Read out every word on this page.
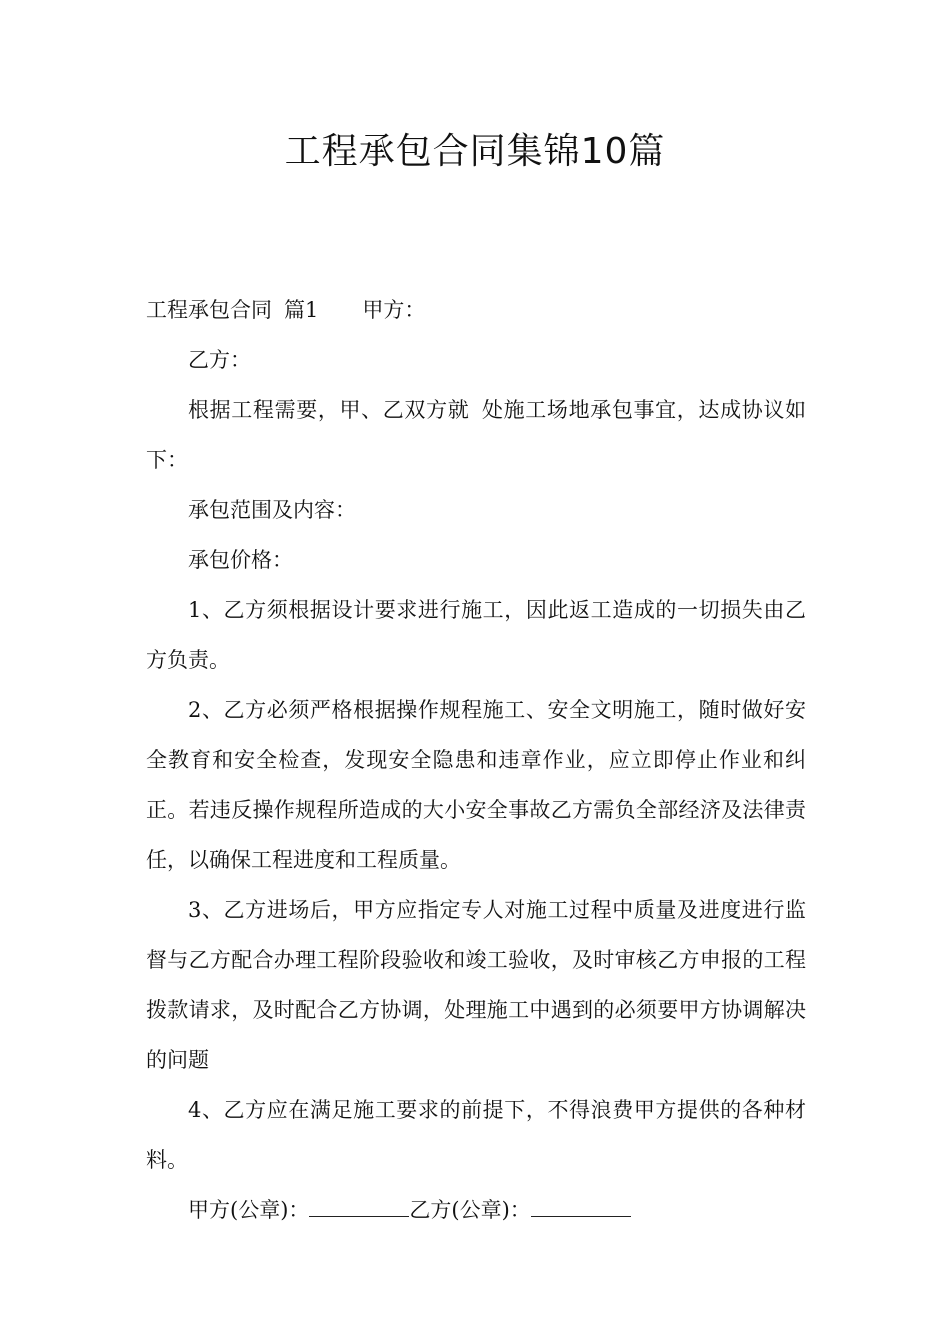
工程承包合同集锦10篇

工程承包合同 篇1 甲方：

乙方：

根据工程需要，甲、乙双方就 处施工场地承包事宜，达成协议如下：

承包范围及内容：

承包价格：

1、乙方须根据设计要求进行施工，因此返工造成的一切损失由乙方负责。

2、乙方必须严格根据操作规程施工、安全文明施工，随时做好安全教育和安全检查，发现安全隐患和违章作业，应立即停止作业和纠正。若违反操作规程所造成的大小安全事故乙方需负全部经济及法律责任，以确保工程进度和工程质量。

3、乙方进场后，甲方应指定专人对施工过程中质量及进度进行监督与乙方配合办理工程阶段验收和竣工验收，及时审核乙方申报的工程拨款请求，及时配合乙方协调，处理施工中遇到的必须要甲方协调解决的问题

4、乙方应在满足施工要求的前提下，不得浪费甲方提供的各种材料。

甲方(公章)：	乙方(公章)：
